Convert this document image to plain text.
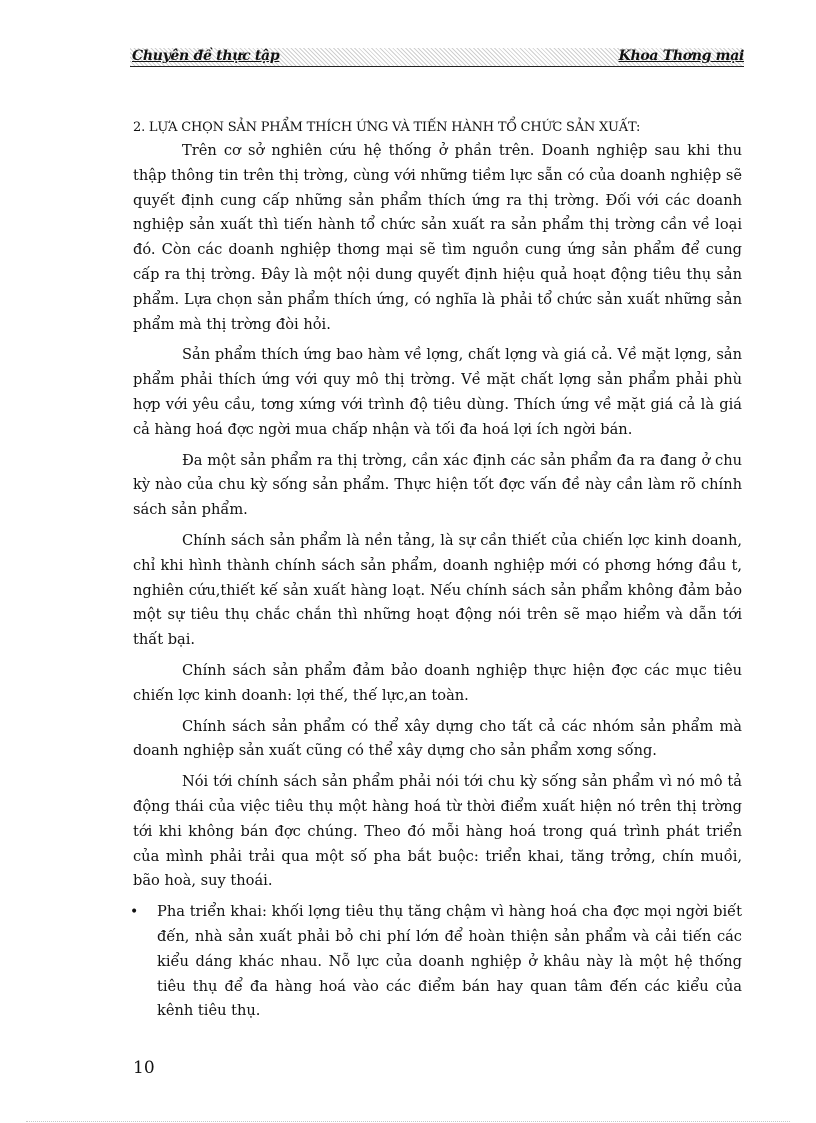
Chuyên đề thực tập	Khoa Thơng mại
2. LỰA CHỌN SẢN PHẨM THÍCH ỨNG VÀ TIẾN HÀNH TỔ CHỨC SẢN XUẤT:

Trên cơ sở nghiên cứu hệ thống ở phần trên. Doanh nghiệp sau khi thu thập thông tin trên thị trờng, cùng với những tiềm lực sẵn có của doanh nghiệp sẽ quyết định cung cấp những sản phẩm thích ứng ra thị trờng. Đối với các doanh nghiệp sản xuất thì tiến hành tổ chức sản xuất ra sản phẩm thị trờng cần về loại đó. Còn các doanh nghiệp thơng mại sẽ tìm nguồn cung ứng sản phẩm để cung cấp ra thị trờng. Đây là một nội dung quyết định hiệu quả hoạt động tiêu thụ sản phẩm. Lựa chọn sản phẩm thích ứng, có nghĩa là phải tổ chức sản xuất những sản phẩm mà thị trờng đòi hỏi.

Sản phẩm thích ứng bao hàm về lợng, chất lợng và giá cả. Về mặt lợng, sản phẩm phải thích ứng với quy mô thị trờng. Về mặt chất lợng sản phẩm phải phù hợp với yêu cầu, tơng xứng với trình độ tiêu dùng. Thích ứng về mặt giá cả là giá cả hàng hoá đợc ngời mua chấp nhận và tối đa hoá lợi ích ngời bán.

Đa một sản phẩm ra thị trờng, cần xác định các sản phẩm đa ra đang ở chu kỳ nào của chu kỳ sống sản phẩm. Thực hiện tốt đợc vấn đề này cần làm rõ chính sách sản phẩm.

Chính sách sản phẩm là nền tảng, là sự cần thiết của chiến lợc kinh doanh, chỉ khi hình thành chính sách sản phẩm, doanh nghiệp mới có phơng hớng đầu t, nghiên cứu,thiết kế sản xuất hàng loạt. Nếu chính sách sản phẩm không đảm bảo một sự tiêu thụ chắc chắn thì những hoạt động nói trên sẽ mạo hiểm và dẫn tới thất bại.

Chính sách sản phẩm đảm bảo doanh nghiệp thực hiện đợc các mục tiêu chiến lợc kinh doanh: lợi thế, thế lực,an toàn.

Chính sách sản phẩm có thể xây dựng cho tất cả các nhóm sản phẩm mà doanh nghiệp sản xuất cũng có thể xây dựng cho sản phẩm xơng sống.

Nói tới chính sách sản phẩm phải nói tới chu kỳ sống sản phẩm vì nó mô tả động thái của việc tiêu thụ một hàng hoá từ thời điểm xuất hiện nó trên thị trờng tới khi không bán đợc chúng. Theo đó mỗi hàng hoá trong quá trình phát triển của mình phải trải qua một số pha bắt buộc: triển khai, tăng trởng, chín muồi, bão hoà, suy thoái.

•	Pha triển khai: khối lợng tiêu thụ tăng chậm vì hàng hoá cha đợc mọi ngời biết đến, nhà sản xuất phải bỏ chi phí lớn để hoàn thiện sản phẩm và cải tiến các kiểu dáng khác nhau. Nỗ lực của doanh nghiệp ở khâu này là một hệ thống tiêu thụ để đa hàng hoá vào các điểm bán hay quan tâm đến các kiểu của kênh tiêu thụ.
10
